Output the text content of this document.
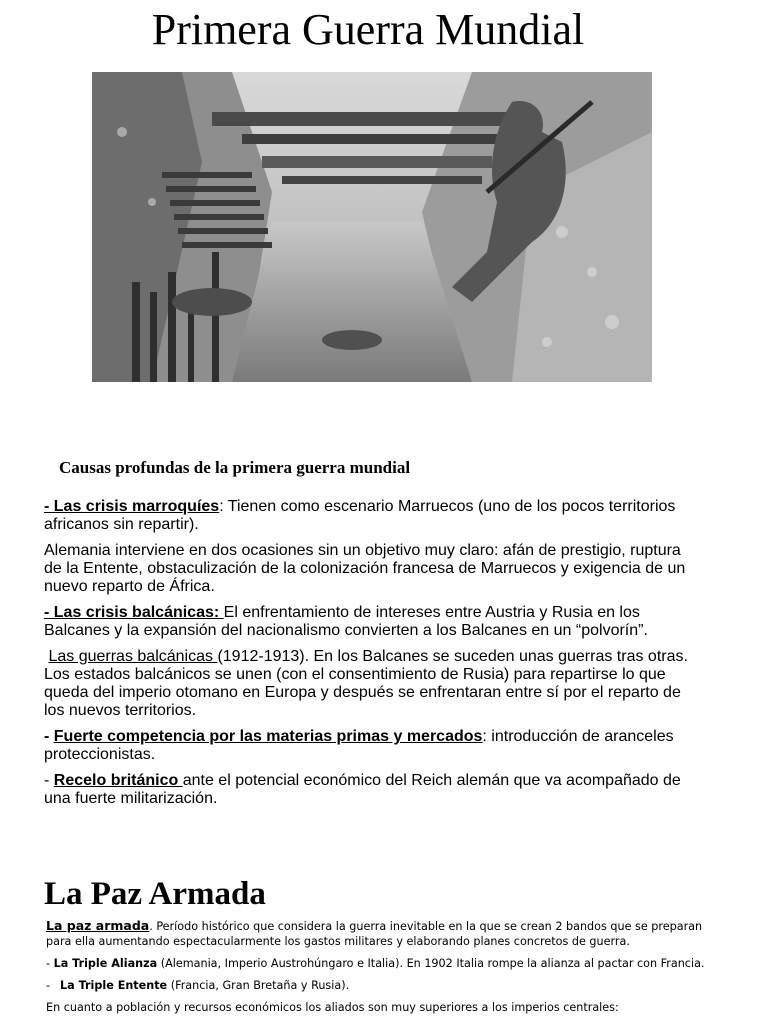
Primera Guerra Mundial
Causas profundas de la primera guerra mundial

- Las crisis marroquíes: Tienen como escenario Marruecos (uno de los pocos territorios africanos sin repartir).

Alemania interviene en dos ocasiones sin un objetivo muy claro: afán de prestigio, ruptura de la Entente, obstaculización de la colonización francesa de Marruecos y exigencia de un nuevo reparto de África.

- Las crisis balcánicas: El enfrentamiento de intereses entre Austria y Rusia en los Balcanes y la expansión del nacionalismo convierten a los Balcanes en un “polvorín”.

Las guerras balcánicas (1912-1913). En los Balcanes se suceden unas guerras tras otras. Los estados balcánicos se unen (con el consentimiento de Rusia) para repartirse lo que queda del imperio otomano en Europa y después se enfrentaran entre sí por el reparto de los nuevos territorios.

- Fuerte competencia por las materias primas y mercados: introducción de aranceles proteccionistas.

- Recelo británico ante el potencial económico del Reich alemán que va acompañado de una fuerte militarización.

La Paz Armada

La paz armada. Período histórico que considera la guerra inevitable en la que se crean 2 bandos que se preparan para ella aumentando espectacularmente los gastos militares y elaborando planes concretos de guerra.

- La Triple Alianza (Alemania, Imperio Austrohúngaro e Italia). En 1902 Italia rompe la alianza al pactar con Francia.

- La Triple Entente (Francia, Gran Bretaña y Rusia).

En cuanto a población y recursos económicos los aliados son muy superiores a los imperios centrales:
